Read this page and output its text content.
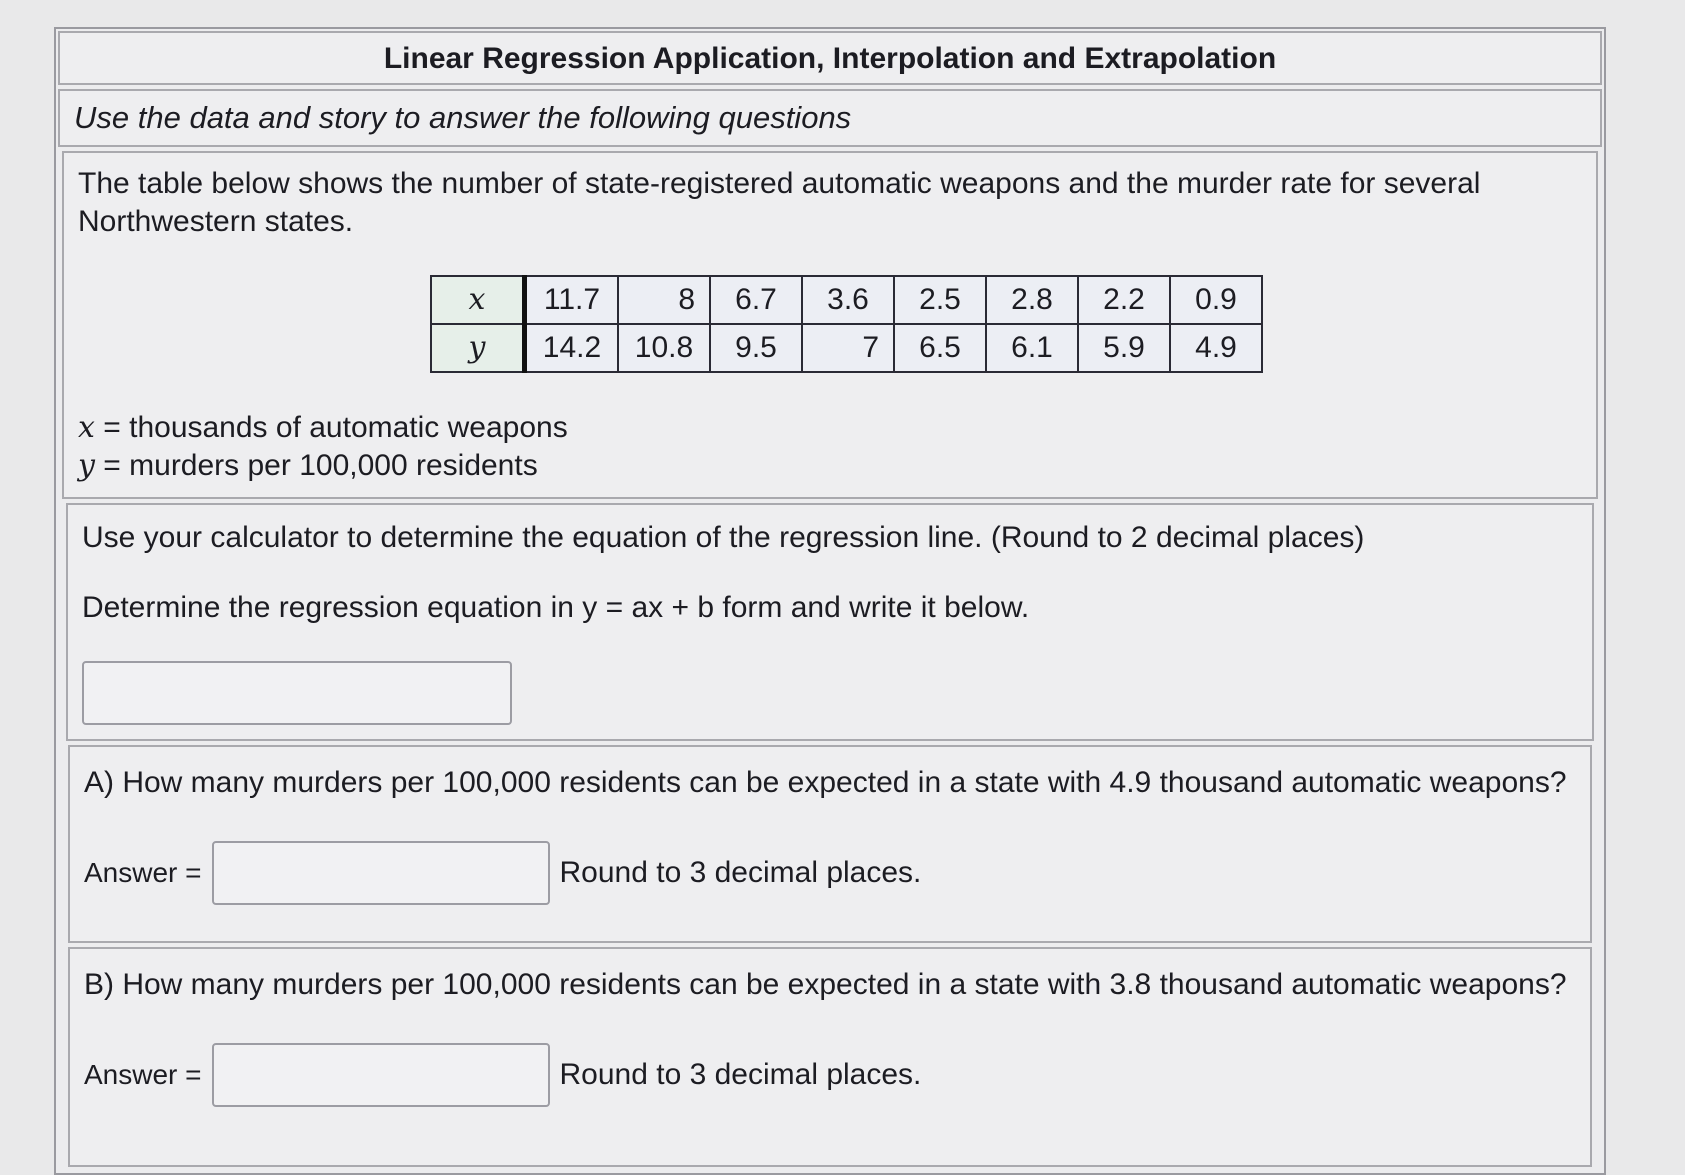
Linear Regression Application, Interpolation and Extrapolation
Use the data and story to answer the following questions
The table below shows the number of state-registered automatic weapons and the murder rate for several Northwestern states.
x	11.7	8	6.7	3.6	2.5	2.8	2.2	0.9
y	14.2	10.8	9.5	7	6.5	6.1	5.9	4.9
x = thousands of automatic weapons
y = murders per 100,000 residents
Use your calculator to determine the equation of the regression line. (Round to 2 decimal places)
Determine the regression equation in y = ax + b form and write it below.
A) How many murders per 100,000 residents can be expected in a state with 4.9 thousand automatic weapons?
Answer =	Round to 3 decimal places.
B) How many murders per 100,000 residents can be expected in a state with 3.8 thousand automatic weapons?
Answer =	Round to 3 decimal places.
